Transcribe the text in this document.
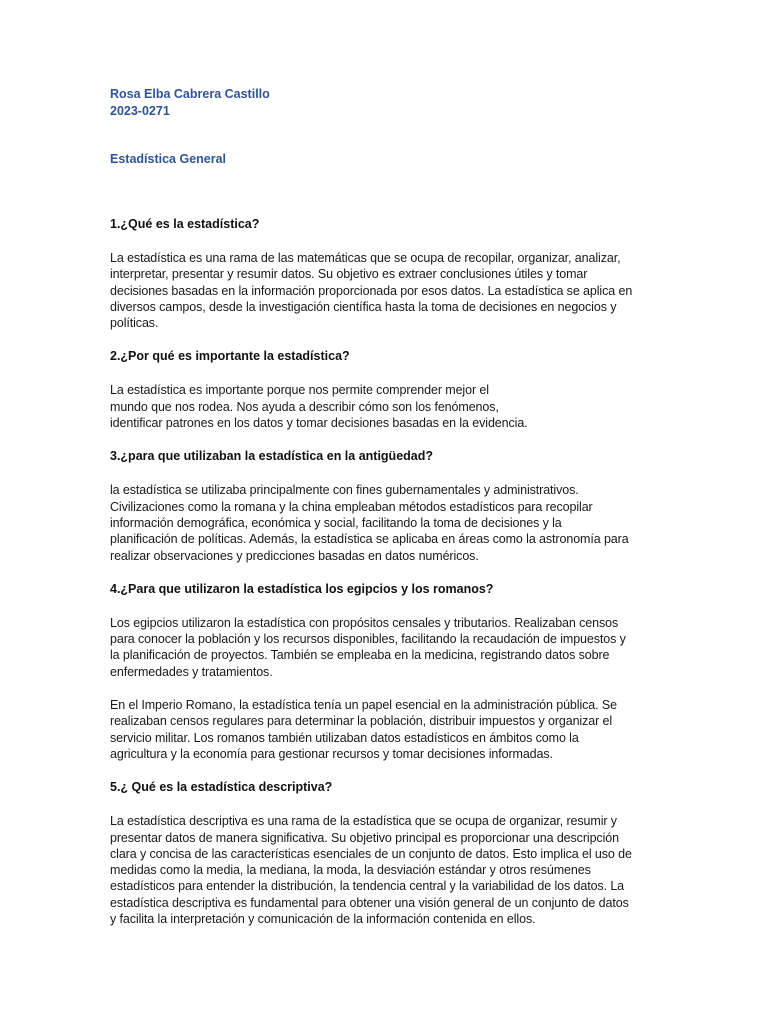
Rosa Elba Cabrera Castillo

2023-0271

Estadística General

1.¿Qué es la estadística?

La estadística es una rama de las matemáticas que se ocupa de recopilar, organizar, analizar,
interpretar, presentar y resumir datos. Su objetivo es extraer conclusiones útiles y tomar
decisiones basadas en la información proporcionada por esos datos. La estadística se aplica en
diversos campos, desde la investigación científica hasta la toma de decisiones en negocios y
políticas.

2.¿Por qué es importante la estadística?

La estadística es importante porque nos permite comprender mejor el
mundo que nos rodea. Nos ayuda a describir cómo son los fenómenos,
identificar patrones en los datos y tomar decisiones basadas en la evidencia.

3.¿para que utilizaban la estadística en la antigüedad?

la estadística se utilizaba principalmente con fines gubernamentales y administrativos.
Civilizaciones como la romana y la china empleaban métodos estadísticos para recopilar
información demográfica, económica y social, facilitando la toma de decisiones y la
planificación de políticas. Además, la estadística se aplicaba en áreas como la astronomía para
realizar observaciones y predicciones basadas en datos numéricos.

4.¿Para que utilizaron la estadística los egipcios y los romanos?

Los egipcios utilizaron la estadística con propósitos censales y tributarios. Realizaban censos
para conocer la población y los recursos disponibles, facilitando la recaudación de impuestos y
la planificación de proyectos. También se empleaba en la medicina, registrando datos sobre
enfermedades y tratamientos.

En el Imperio Romano, la estadística tenía un papel esencial en la administración pública. Se
realizaban censos regulares para determinar la población, distribuir impuestos y organizar el
servicio militar. Los romanos también utilizaban datos estadísticos en ámbitos como la
agricultura y la economía para gestionar recursos y tomar decisiones informadas.

5.¿ Qué es la estadística descriptiva?

La estadística descriptiva es una rama de la estadística que se ocupa de organizar, resumir y
presentar datos de manera significativa. Su objetivo principal es proporcionar una descripción
clara y concisa de las características esenciales de un conjunto de datos. Esto implica el uso de
medidas como la media, la mediana, la moda, la desviación estándar y otros resúmenes
estadísticos para entender la distribución, la tendencia central y la variabilidad de los datos. La
estadística descriptiva es fundamental para obtener una visión general de un conjunto de datos
y facilita la interpretación y comunicación de la información contenida en ellos.
